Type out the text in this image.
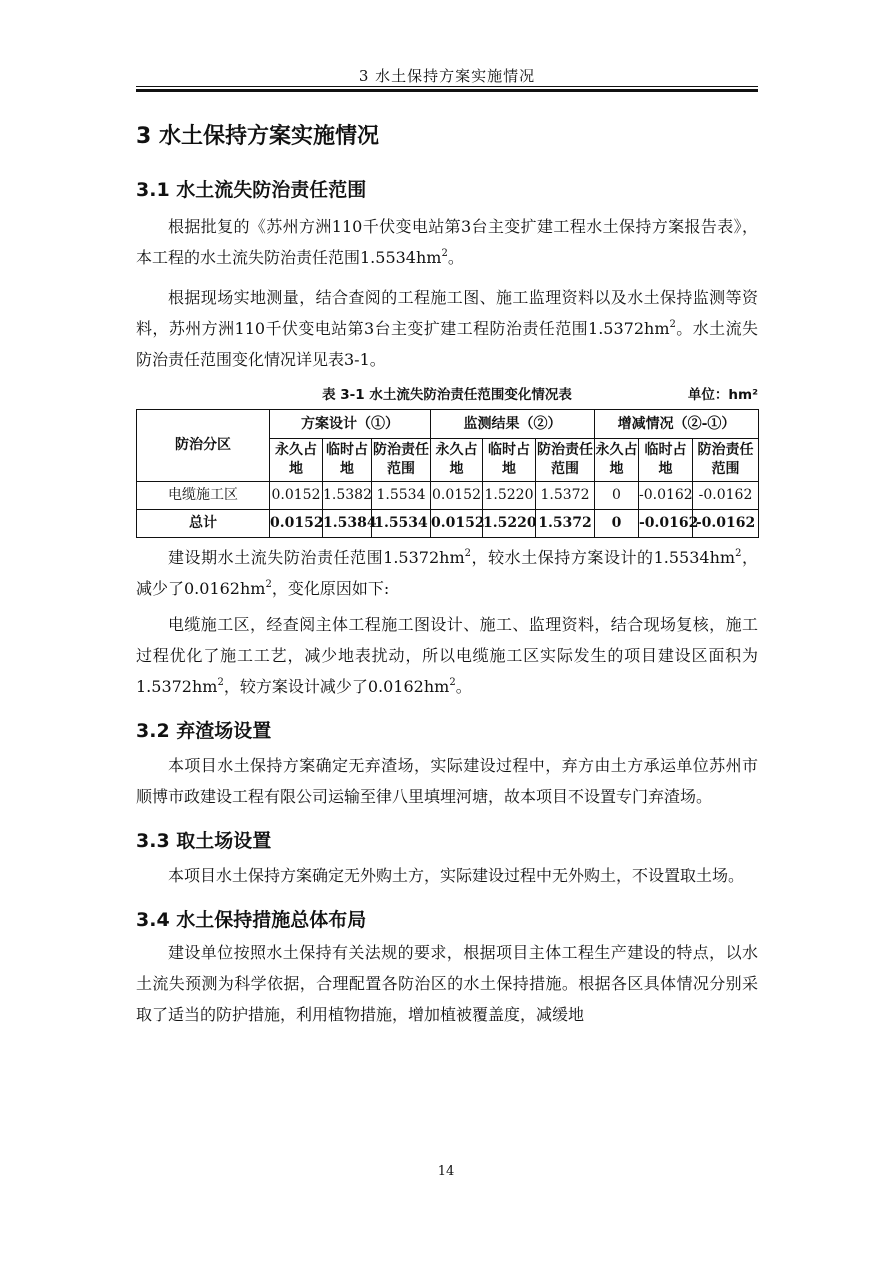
3 水土保持方案实施情况
3 水土保持方案实施情况
3.1 水土流失防治责任范围

根据批复的《苏州方洲110千伏变电站第3台主变扩建工程水土保持方案报告表》，本工程的水土流失防治责任范围$1.5534hm^2$。

根据现场实地测量，结合查阅的工程施工图、施工监理资料以及水土保持监测等资料，苏州方洲110千伏变电站第3台主变扩建工程防治责任范围$1.5372hm^2$。水土流失防治责任范围变化情况详见表3-1。

表 3-1 水土流失防治责任范围变化情况表	单位：hm²
防治分区	方案设计（①）			监测结果（②）			增减情况（②-①）		
	永久占地	临时占地	防治责任范围	永久占地	临时占地	防治责任范围	永久占地	临时占地	防治责任范围
电缆施工区	0.0152	1.5382	1.5534	0.0152	1.5220	1.5372	0	-0.0162	-0.0162
总计	0.0152	1.5384	1.5534	0.0152	1.5220	1.5372	0	-0.0162	-0.0162

建设期水土流失防治责任范围$1.5372hm^2$，较水土保持方案设计的$1.5534hm^2$，减少了$0.0162hm^2$，变化原因如下:

电缆施工区，经查阅主体工程施工图设计、施工、监理资料，结合现场复核，施工过程优化了施工工艺，减少地表扰动，所以电缆施工区实际发生的项目建设区面积为$1.5372hm^2$，较方案设计减少了$0.0162hm^2$。

3.2 弃渣场设置

本项目水土保持方案确定无弃渣场，实际建设过程中，弃方由土方承运单位苏州市顺博市政建设工程有限公司运输至律八里填埋河塘，故本项目不设置专门弃渣场。

3.3 取土场设置

本项目水土保持方案确定无外购土方，实际建设过程中无外购土，不设置取土场。

3.4 水土保持措施总体布局

建设单位按照水土保持有关法规的要求，根据项目主体工程生产建设的特点，以水土流失预测为科学依据，合理配置各防治区的水土保持措施。根据各区具体情况分别采取了适当的防护措施，利用植物措施，增加植被覆盖度，减缓地

14
